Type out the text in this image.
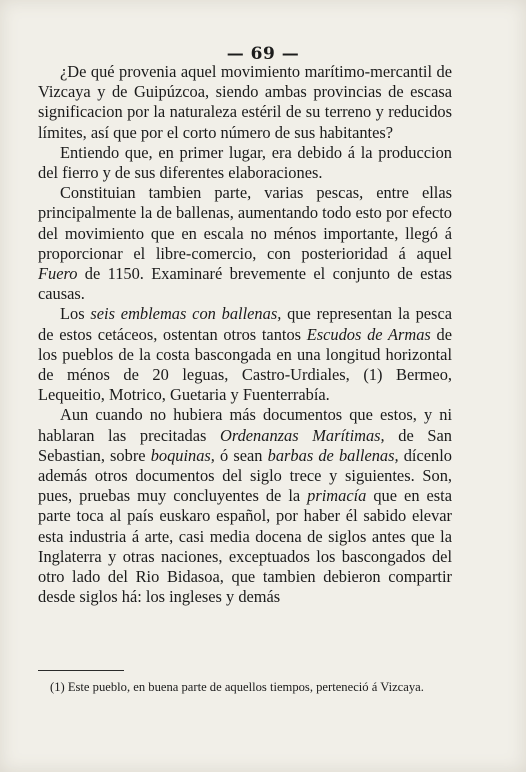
— 69 —

¿De qué provenia aquel movimiento marítimo-mercantil de Vizcaya y de Guipúzcoa, siendo ambas provincias de escasa significacion por la naturaleza estéril de su terreno y reducidos límites, así que por el corto número de sus habitantes?

Entiendo que, en primer lugar, era debido á la produccion del fierro y de sus diferentes elaboraciones.

Constituian tambien parte, varias pescas, entre ellas principalmente la de ballenas, aumentando todo esto por efecto del movimiento que en escala no ménos importante, llegó á proporcionar el libre-comercio, con posterioridad á aquel Fuero de 1150. Examinaré brevemente el conjunto de estas causas.

Los seis emblemas con ballenas, que representan la pesca de estos cetáceos, ostentan otros tantos Escudos de Armas de los pueblos de la costa bascongada en una longitud horizontal de ménos de 20 leguas, Castro-Urdiales, (1) Bermeo, Lequeitio, Motrico, Guetaria y Fuenterrabía.

Aun cuando no hubiera más documentos que estos, y ni hablaran las precitadas Ordenanzas Marítimas, de San Sebastian, sobre boquinas, ó sean barbas de ballenas, dícenlo además otros documentos del siglo trece y siguientes. Son, pues, pruebas muy concluyentes de la primacía que en esta parte toca al país euskaro español, por haber él sabido elevar esta industria á arte, casi media docena de siglos antes que la Inglaterra y otras naciones, exceptuados los bascongados del otro lado del Rio Bidasoa, que tambien debieron compartir desde siglos há: los ingleses y demás

(1) Este pueblo, en buena parte de aquellos tiempos, perteneció á Vizcaya.
